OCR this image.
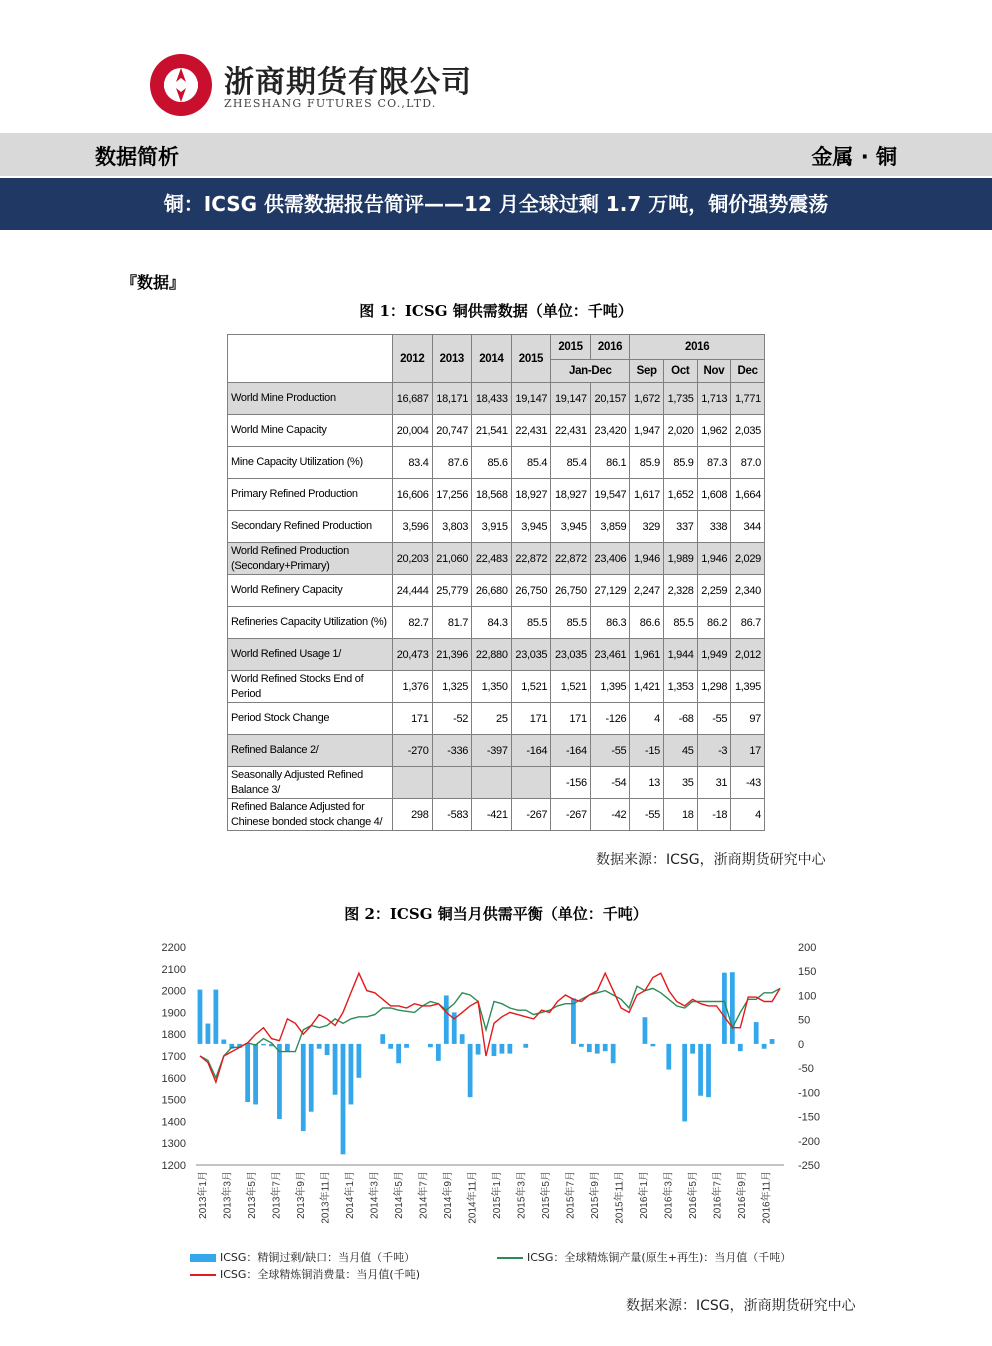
浙商期货有限公司
ZHESHANG FUTURES CO.,LTD.
数据简析	金属 · 铜
铜：ICSG 供需数据报告简评——12 月全球过剩 1.7 万吨，铜价强势震荡
『数据』
图 1：ICSG 铜供需数据（单位：千吨）
	2012	2013	2014	2015	2015	2016	2016			
					Jan-Dec		Sep	Oct	Nov	Dec
World Mine Production	16,687	18,171	18,433	19,147	19,147	20,157	1,672	1,735	1,713	1,771
World Mine Capacity	20,004	20,747	21,541	22,431	22,431	23,420	1,947	2,020	1,962	2,035
Mine Capacity Utilization (%)	83.4	87.6	85.6	85.4	85.4	86.1	85.9	85.9	87.3	87.0
Primary Refined Production	16,606	17,256	18,568	18,927	18,927	19,547	1,617	1,652	1,608	1,664
Secondary Refined Production	3,596	3,803	3,915	3,945	3,945	3,859	329	337	338	344
World Refined Production (Secondary+Primary)	20,203	21,060	22,483	22,872	22,872	23,406	1,946	1,989	1,946	2,029
World Refinery Capacity	24,444	25,779	26,680	26,750	26,750	27,129	2,247	2,328	2,259	2,340
Refineries Capacity Utilization (%)	82.7	81.7	84.3	85.5	85.5	86.3	86.6	85.5	86.2	86.7
World Refined Usage 1/	20,473	21,396	22,880	23,035	23,035	23,461	1,961	1,944	1,949	2,012
World Refined Stocks End of Period	1,376	1,325	1,350	1,521	1,521	1,395	1,421	1,353	1,298	1,395
Period Stock Change	171	-52	25	171	171	-126	4	-68	-55	97
Refined Balance 2/	-270	-336	-397	-164	-164	-55	-15	45	-3	17
Seasonally Adjusted Refined Balance 3/					-156	-54	13	35	31	-43
Refined Balance Adjusted for Chinese bonded stock change 4/	298	-583	-421	-267	-267	-42	-55	18	-18	4
数据来源：ICSG，浙商期货研究中心
图 2：ICSG 铜当月供需平衡（单位：千吨）
2200
2100
2000
1900
1800
1700
1600
1500
1400
1300
1200
200
150
100
50
0
-50
-100
-150
-200
-250
2013年1月 2013年3月 2013年5月 2013年7月 2013年9月 2013年11月 2014年1月 2014年3月 2014年5月 2014年7月 2014年9月 2014年11月 2015年1月 2015年3月 2015年5月 2015年7月 2015年9月 2015年11月 2016年1月 2016年3月 2016年5月 2016年7月 2016年9月 2016年11月
ICSG：精铜过剩/缺口：当月值（千吨）	ICSG：全球精炼铜产量(原生+再生)：当月值（千吨）
ICSG：全球精炼铜消费量：当月值(千吨)
数据来源：ICSG，浙商期货研究中心
